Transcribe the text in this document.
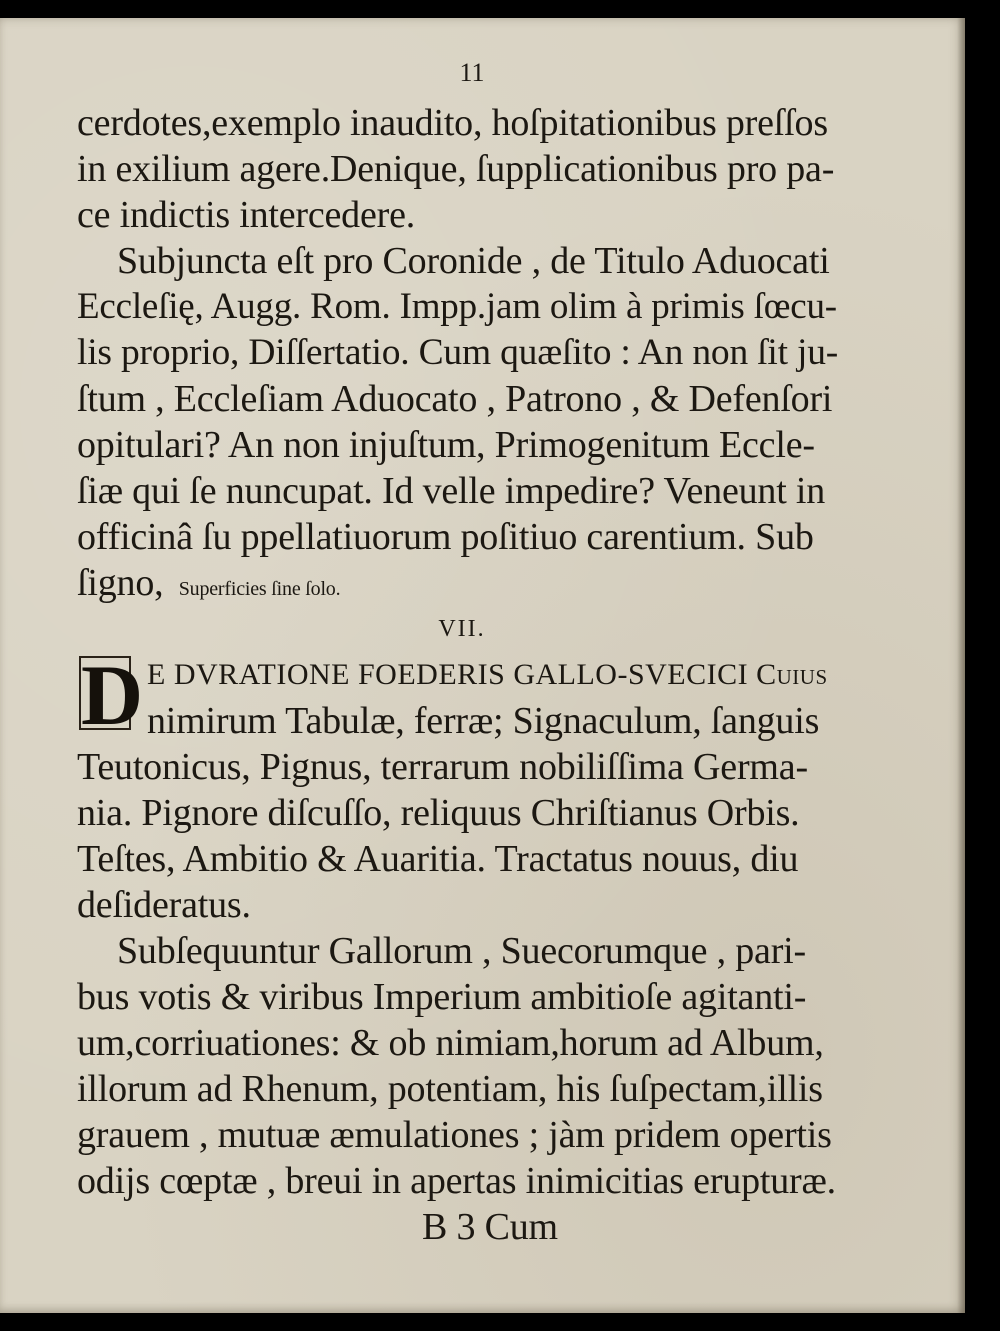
11
cerdotes,exemplo inaudito, hoſpitationibus preſſos
in exilium agere.Denique, ſupplicationibus pro pa-
ce indictis intercedere.
Subjuncta eſt pro Coronide , de Titulo Aduocati
Eccleſię, Augg. Rom. Impp.jam olim à primis ſœcu-
lis proprio, Diſſertatio. Cum quæſito : An non ſit ju-
ſtum , Eccleſiam Aduocato , Patrono , & Defenſori
opitulari? An non injuſtum, Primogenitum Eccle-
ſiæ qui ſe nuncupat. Id velle impedire? Veneunt in
officinâ ſu ppellatiuorum poſitiuo carentium. Sub
ſigno, Superficies ſine ſolo.
VII.
D E DVRATIONE FOEDERIS GALLO-SVECICI Cuius
nimirum Tabulæ, ferræ; Signaculum, ſanguis
Teutonicus, Pignus, terrarum nobiliſſima Germa-
nia. Pignore diſcuſſo, reliquus Chriſtianus Orbis.
Teſtes, Ambitio & Auaritia. Tractatus nouus, diu
deſideratus.
Subſequuntur Gallorum , Suecorumque , pari-
bus votis & viribus Imperium ambitioſe agitanti-
um,corriuationes: & ob nimiam,horum ad Album,
illorum ad Rhenum, potentiam, his ſuſpectam,illis
grauem , mutuæ æmulationes ; jàm pridem opertis
odijs cœptæ , breui in apertas inimicitias erupturæ.
B 3 Cum
